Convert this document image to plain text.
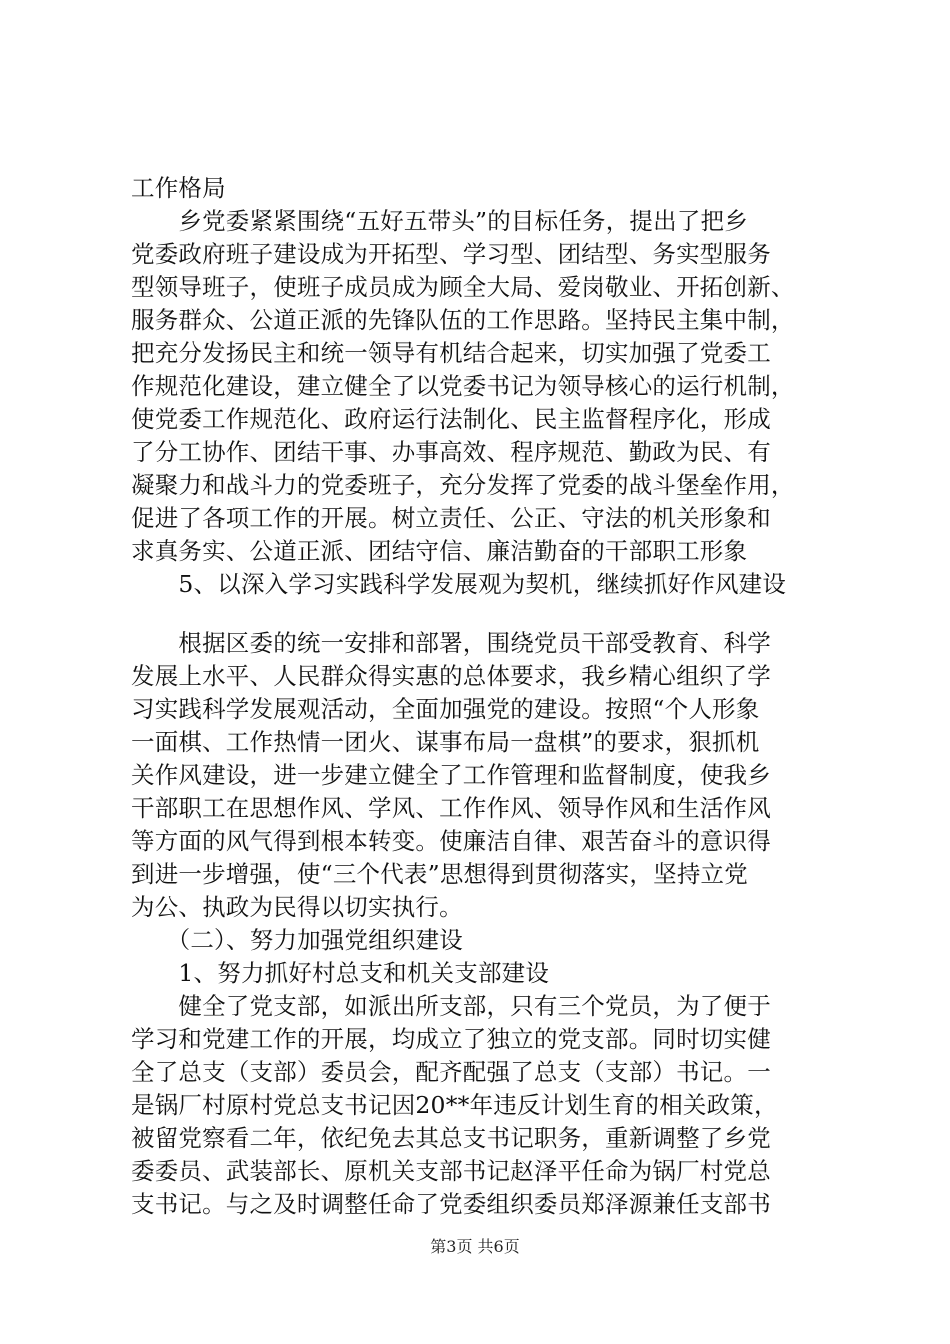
工作格局
　　乡党委紧紧围绕“五好五带头”的目标任务，提出了把乡
党委政府班子建设成为开拓型、学习型、团结型、务实型服务
型领导班子，使班子成员成为顾全大局、爱岗敬业、开拓创新、
服务群众、公道正派的先锋队伍的工作思路。坚持民主集中制，
把充分发扬民主和统一领导有机结合起来，切实加强了党委工
作规范化建设，建立健全了以党委书记为领导核心的运行机制，
使党委工作规范化、政府运行法制化、民主监督程序化，形成
了分工协作、团结干事、办事高效、程序规范、勤政为民、有
凝聚力和战斗力的党委班子，充分发挥了党委的战斗堡垒作用，
促进了各项工作的开展。树立责任、公正、守法的机关形象和
求真务实、公道正派、团结守信、廉洁勤奋的干部职工形象
　　5、以深入学习实践科学发展观为契机，继续抓好作风建设
　　根据区委的统一安排和部署，围绕党员干部受教育、科学
发展上水平、人民群众得实惠的总体要求，我乡精心组织了学
习实践科学发展观活动，全面加强党的建设。按照“个人形象
一面棋、工作热情一团火、谋事布局一盘棋”的要求，狠抓机
关作风建设，进一步建立健全了工作管理和监督制度，使我乡
干部职工在思想作风、学风、工作作风、领导作风和生活作风
等方面的风气得到根本转变。使廉洁自律、艰苦奋斗的意识得
到进一步增强，使“三个代表”思想得到贯彻落实，坚持立党
为公、执政为民得以切实执行。
　　（二）、努力加强党组织建设
　　1、努力抓好村总支和机关支部建设
　　健全了党支部，如派出所支部，只有三个党员，为了便于
学习和党建工作的开展，均成立了独立的党支部。同时切实健
全了总支（支部）委员会，配齐配强了总支（支部）书记。一
是锅厂村原村党总支书记因20**年违反计划生育的相关政策，
被留党察看二年，依纪免去其总支书记职务，重新调整了乡党
委委员、武装部长、原机关支部书记赵泽平任命为锅厂村党总
支书记。与之及时调整任命了党委组织委员郑泽源兼任支部书
第3页 共6页
